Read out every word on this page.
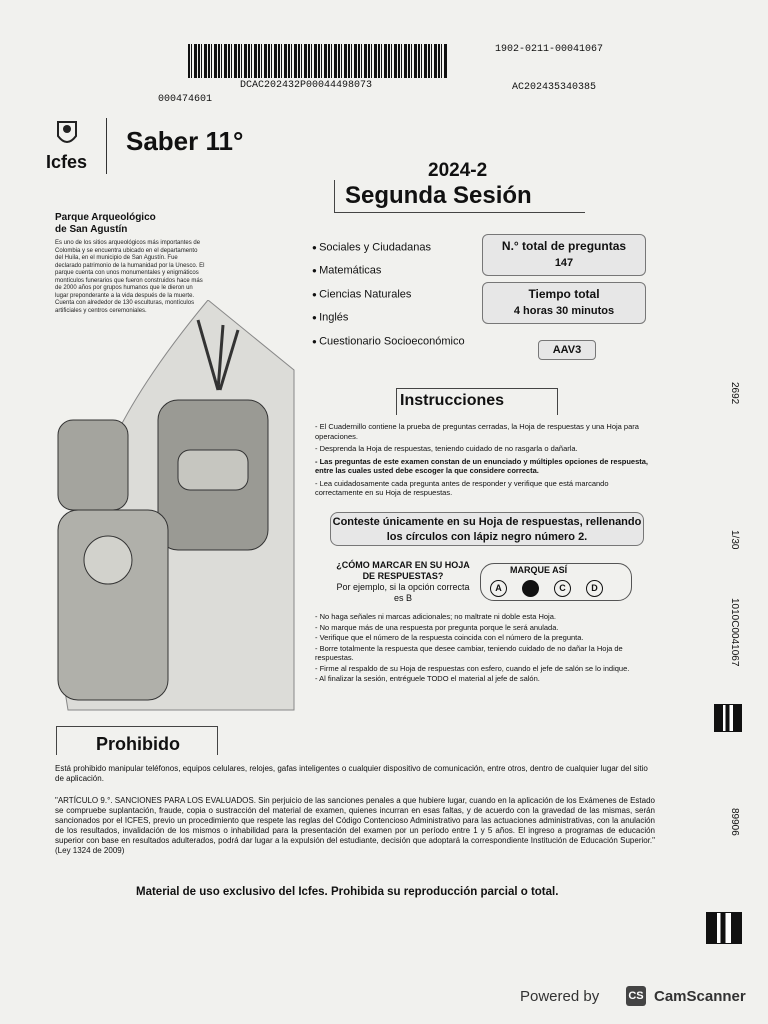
1902-0211-00041067
DCAC202432P00044498073
000474601
AC202435340385
Icfes
Saber 11°
2024-2
Segunda Sesión
Parque Arqueológico de San Agustín
Es uno de los sitios arqueológicos más importantes de Colombia y se encuentra ubicado en el departamento del Huila, en el municipio de San Agustín. Fue declarado patrimonio de la humanidad por la Unesco. El parque cuenta con unos monumentales y enigmáticos montículos funerarios que fueron construidos hace más de 2000 años por grupos humanos que le dieron un lugar preponderante a la vida después de la muerte. Cuenta con alrededor de 130 esculturas, montículos artificiales y centros ceremoniales.
● Sociales y Ciudadanas
● Matemáticas
● Ciencias Naturales
● Inglés
● Cuestionario Socioeconómico
N.° total de preguntas
147
Tiempo total
4 horas 30 minutos
AAV3
Instrucciones

- El Cuadernillo contiene la prueba de preguntas cerradas, la Hoja de respuestas y una Hoja para operaciones.

- Desprenda la Hoja de respuestas, teniendo cuidado de no rasgarla o dañarla.

- Las preguntas de este examen constan de un enunciado y múltiples opciones de respuesta, entre las cuales usted debe escoger la que considere correcta.

- Lea cuidadosamente cada pregunta antes de responder y verifique que está marcando correctamente en su Hoja de respuestas.

Conteste únicamente en su Hoja de respuestas, rellenando los círculos con lápiz negro número 2.
¿CÓMO MARCAR EN SU HOJA DE RESPUESTAS?
Por ejemplo, si la opción correcta es B
MARQUE ASÍ
A	C	D

- No haga señales ni marcas adicionales; no maltrate ni doble esta Hoja.

- No marque más de una respuesta por pregunta porque le será anulada.

- Verifique que el número de la respuesta coincida con el número de la pregunta.

- Borre totalmente la respuesta que desee cambiar, teniendo cuidado de no dañar la Hoja de respuestas.

- Firme al respaldo de su Hoja de respuestas con esfero, cuando el jefe de salón se lo indique.

- Al finalizar la sesión, entréguele TODO el material al jefe de salón.

Prohibido
Está prohibido manipular teléfonos, equipos celulares, relojes, gafas inteligentes o cualquier dispositivo de comunicación, entre otros, dentro de cualquier lugar del sitio de aplicación.
"ARTÍCULO 9.°. SANCIONES PARA LOS EVALUADOS. Sin perjuicio de las sanciones penales a que hubiere lugar, cuando en la aplicación de los Exámenes de Estado se compruebe suplantación, fraude, copia o sustracción del material de examen, quienes incurran en esas faltas, y de acuerdo con la gravedad de las mismas, serán sancionados por el ICFES, previo un procedimiento que respete las reglas del Código Contencioso Administrativo para las actuaciones administrativas, con la anulación de los resultados, invalidación de los mismos o inhabilidad para la presentación del examen por un período entre 1 y 5 años. El ingreso a programas de educación superior con base en resultados adulterados, podrá dar lugar a la expulsión del estudiante, decisión que adoptará la correspondiente Institución de Educación Superior." (Ley 1324 de 2009)
Material de uso exclusivo del Icfes. Prohibida su reproducción parcial o total.
2692
1/30
1010C0041067
89906
Powered by	CS CamScanner
